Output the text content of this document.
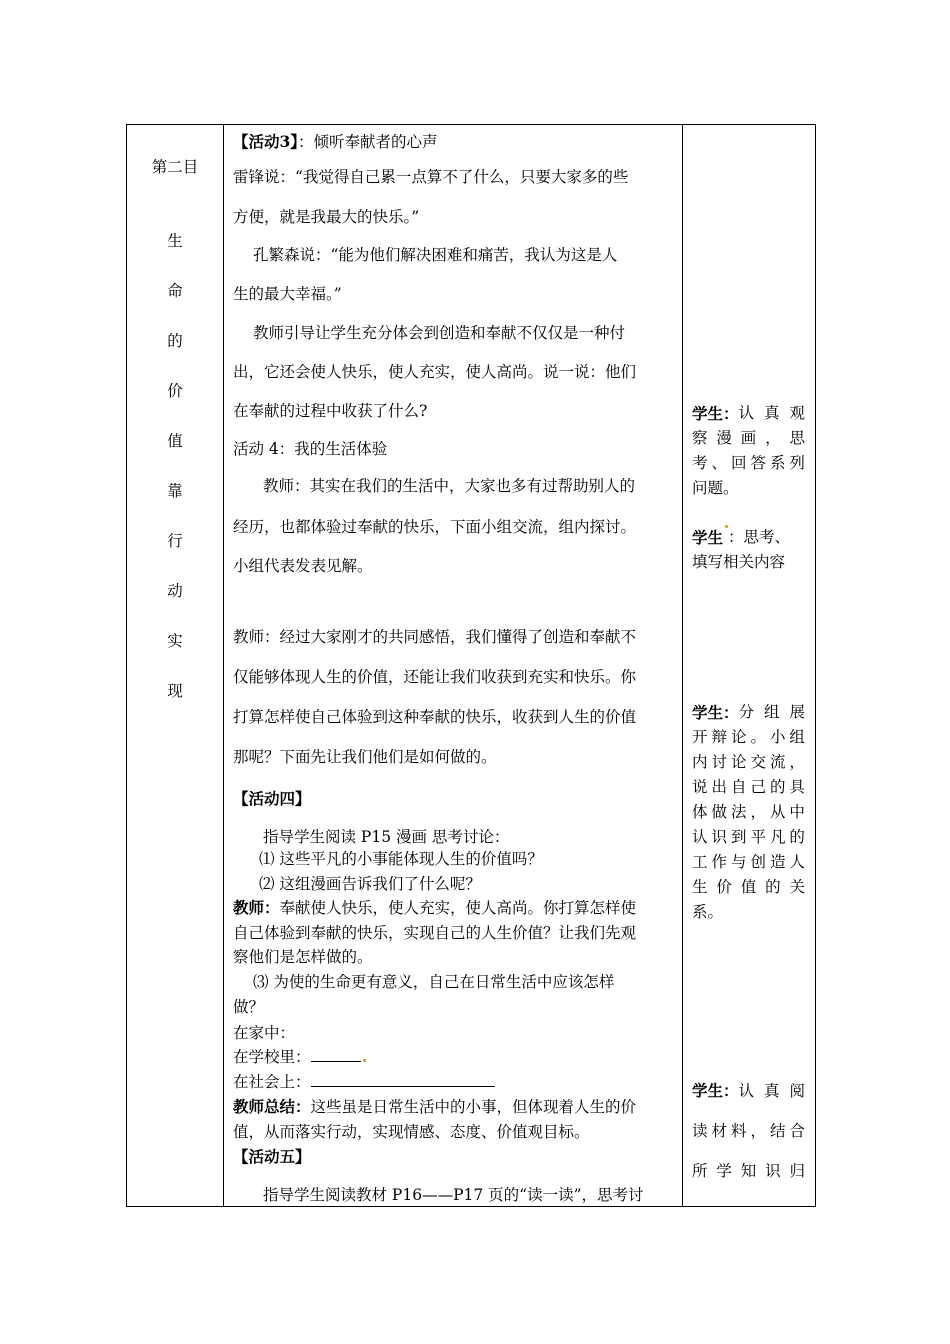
第二目
生
命
的
价
值
靠
行
动
实
现
【活动3】：倾听奉献者的心声
雷锋说：“我觉得自己累一点算不了什么，只要大家多的些
方便，就是我最大的快乐。”
孔繁森说：“能为他们解决困难和痛苦，我认为这是人
生的最大幸福。”
教师引导让学生充分体会到创造和奉献不仅仅是一种付
出，它还会使人快乐，使人充实，使人高尚。说一说：他们
在奉献的过程中收获了什么?
活动 4：我的生活体验
教师：其实在我们的生活中，大家也多有过帮助别人的
经历，也都体验过奉献的快乐，下面小组交流，组内探讨。
小组代表发表见解。
教师：经过大家刚才的共同感悟，我们懂得了创造和奉献不
仅能够体现人生的价值，还能让我们收获到充实和快乐。你
打算怎样使自己体验到这种奉献的快乐，收获到人生的价值
那呢？下面先让我们他们是如何做的。
【活动四】
指导学生阅读 P15 漫画 思考讨论：
⑴ 这些平凡的小事能体现人生的价值吗？
⑵ 这组漫画告诉我们了什么呢？
教师：奉献使人快乐，使人充实，使人高尚。你打算怎样使
自己体验到奉献的快乐，实现自己的人生价值？让我们先观
察他们是怎样做的。
⑶ 为使的生命更有意义，自己在日常生活中应该怎样
做？
在家中：
在学校里：
在社会上：
教师总结：这些虽是日常生活中的小事，但体现着人生的价
值，从而落实行动，实现情感、态度、价值观目标。
【活动五】
指导学生阅读教材 P16——P17 页的“读一读”，思考讨
学生： 认 真 观
察 漫 画 ， 思
考 、 回 答 系 列
问题。
学生 ：思考、
填写相关内容
学生： 分 组 展
开 辩 论 。 小 组
内 讨 论 交 流 ，
说 出 自 己 的 具
体 做 法 ， 从 中
认 识 到 平 凡 的
工 作 与 创 造 人
生 价 值 的 关
系。
学生： 认 真 阅
读 材 料 ， 结 合
所 学 知 识 归
